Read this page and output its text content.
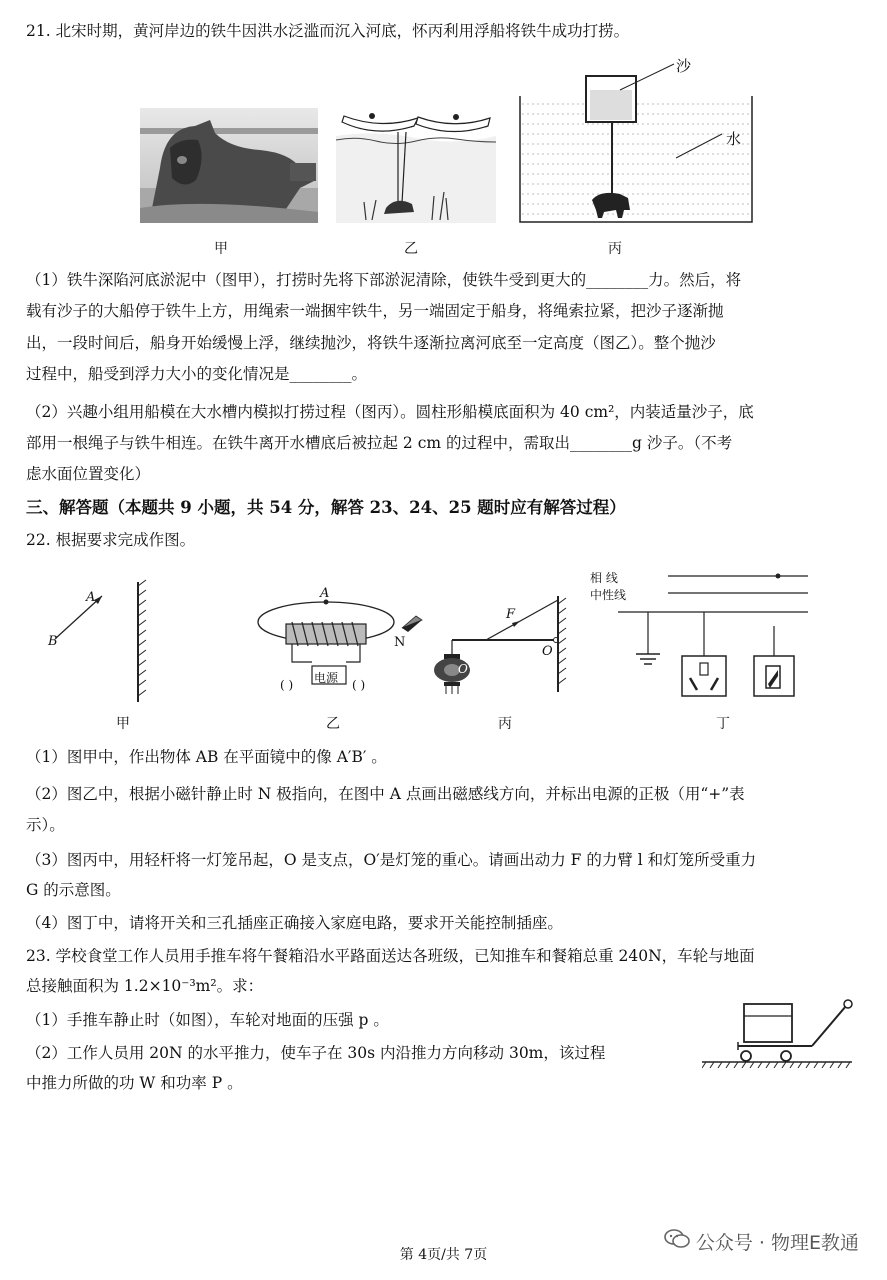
21. 北宋时期，黄河岸边的铁牛因洪水泛滥而沉入河底，怀丙利用浮船将铁牛成功打捞。
沙
水
甲	乙	丙
（1）铁牛深陷河底淤泥中（图甲），打捞时先将下部淤泥清除，使铁牛受到更大的________力。然后，将
载有沙子的大船停于铁牛上方，用绳索一端捆牢铁牛，另一端固定于船身，将绳索拉紧，把沙子逐渐抛
出，一段时间后，船身开始缓慢上浮，继续抛沙，将铁牛逐渐拉离河底至一定高度（图乙）。整个抛沙
过程中，船受到浮力大小的变化情况是________。
（2）兴趣小组用船模在大水槽内模拟打捞过程（图丙）。圆柱形船模底面积为 40 cm²，内装适量沙子，底
部用一根绳子与铁牛相连。在铁牛离开水槽底后被拉起 2 cm 的过程中，需取出________g 沙子。（不考
虑水面位置变化）
三、解答题（本题共 9 小题，共 54 分，解答 23、24、25 题时应有解答过程）
22. 根据要求完成作图。
A
B
A
N
电源
( )	( )
F
O
O'
相 线
中性线
甲	乙	丙	丁
（1）图甲中，作出物体 AB 在平面镜中的像 A′B′ 。
（2）图乙中，根据小磁针静止时 N 极指向，在图中 A 点画出磁感线方向，并标出电源的正极（用“+”表
示）。
（3）图丙中，用轻杆将一灯笼吊起，O 是支点，O′是灯笼的重心。请画出动力 F 的力臂 l 和灯笼所受重力
G 的示意图。
（4）图丁中，请将开关和三孔插座正确接入家庭电路，要求开关能控制插座。
23. 学校食堂工作人员用手推车将午餐箱沿水平路面送达各班级，已知推车和餐箱总重 240N，车轮与地面
总接触面积为 1.2×10⁻³m²。求：
（1）手推车静止时（如图），车轮对地面的压强 p 。
（2）工作人员用 20N 的水平推力，使车子在 30s 内沿推力方向移动 30m，该过程
中推力所做的功 W 和功率 P 。
公众号 · 物理E教通
第 4页/共 7页
